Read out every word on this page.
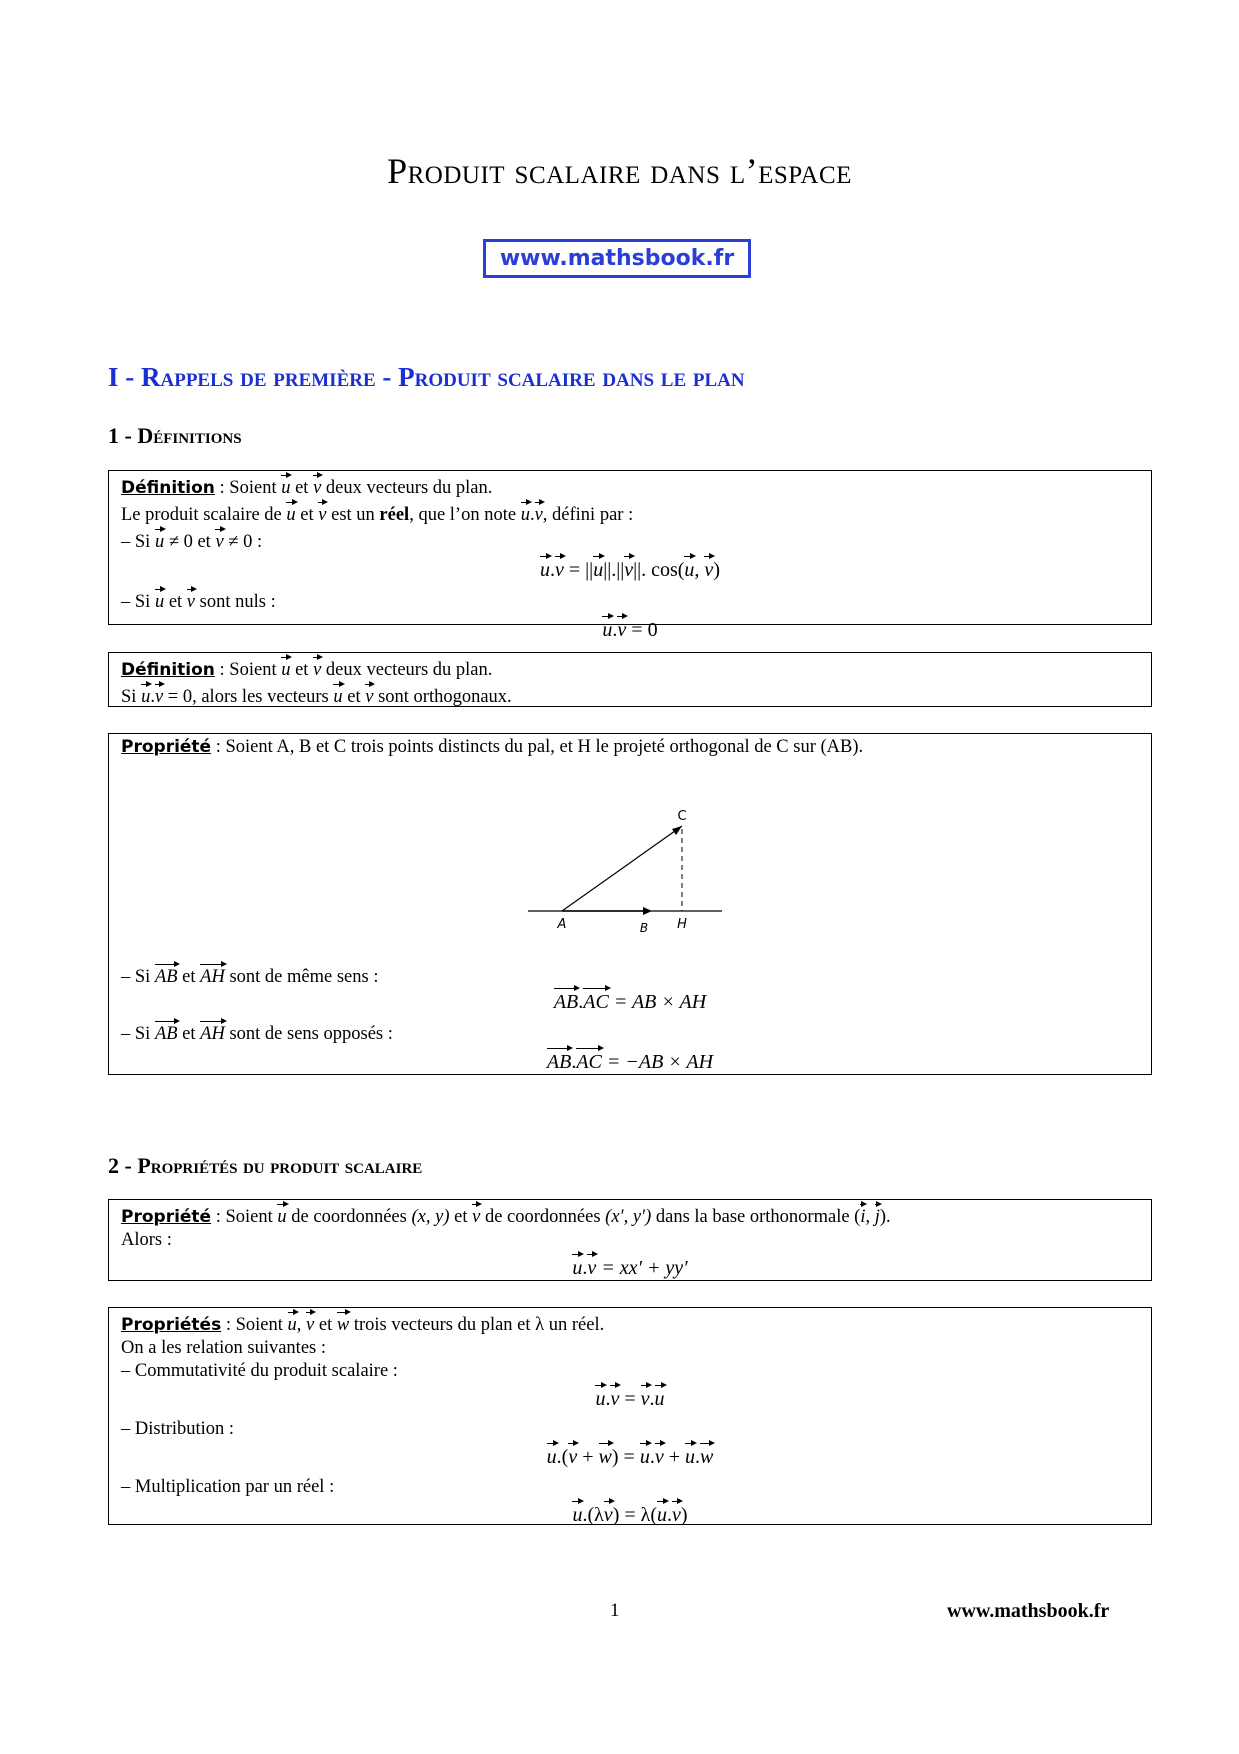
Produit scalaire dans l’espace
www.mathsbook.fr
I - Rappels de première - Produit scalaire dans le plan
1 - Définitions
Définition : Soient u et v deux vecteurs du plan.
Le produit scalaire de u et v est un réel, que l’on note u.v, défini par :
– Si u ≠ 0 et v ≠ 0 :
u.v = ||u||.||v||. cos(u, v)
– Si u et v sont nuls :
u.v = 0
Définition : Soient u et v deux vecteurs du plan.
Si u.v = 0, alors les vecteurs u et v sont orthogonaux.
Propriété : Soient A, B et C trois points distincts du pal, et H le projeté orthogonal de C sur (AB).
– Si AB et AH sont de même sens :
AB.AC = AB × AH
– Si AB et AH sont de sens opposés :
AB.AC = −AB × AH
C
A	B H
2 - Propriétés du produit scalaire
Propriété : Soient u de coordonnées (x, y) et v de coordonnées (x′, y′) dans la base orthonormale (i, j).
Alors :
u.v = xx′ + yy′
Propriétés : Soient u, v et w trois vecteurs du plan et λ un réel.
On a les relation suivantes :
– Commutativité du produit scalaire :
u.v = v.u
– Distribution :
u.(v + w) = u.v + u.w
– Multiplication par un réel :
u.(λv) = λ(u.v)
1	www.mathsbook.fr
